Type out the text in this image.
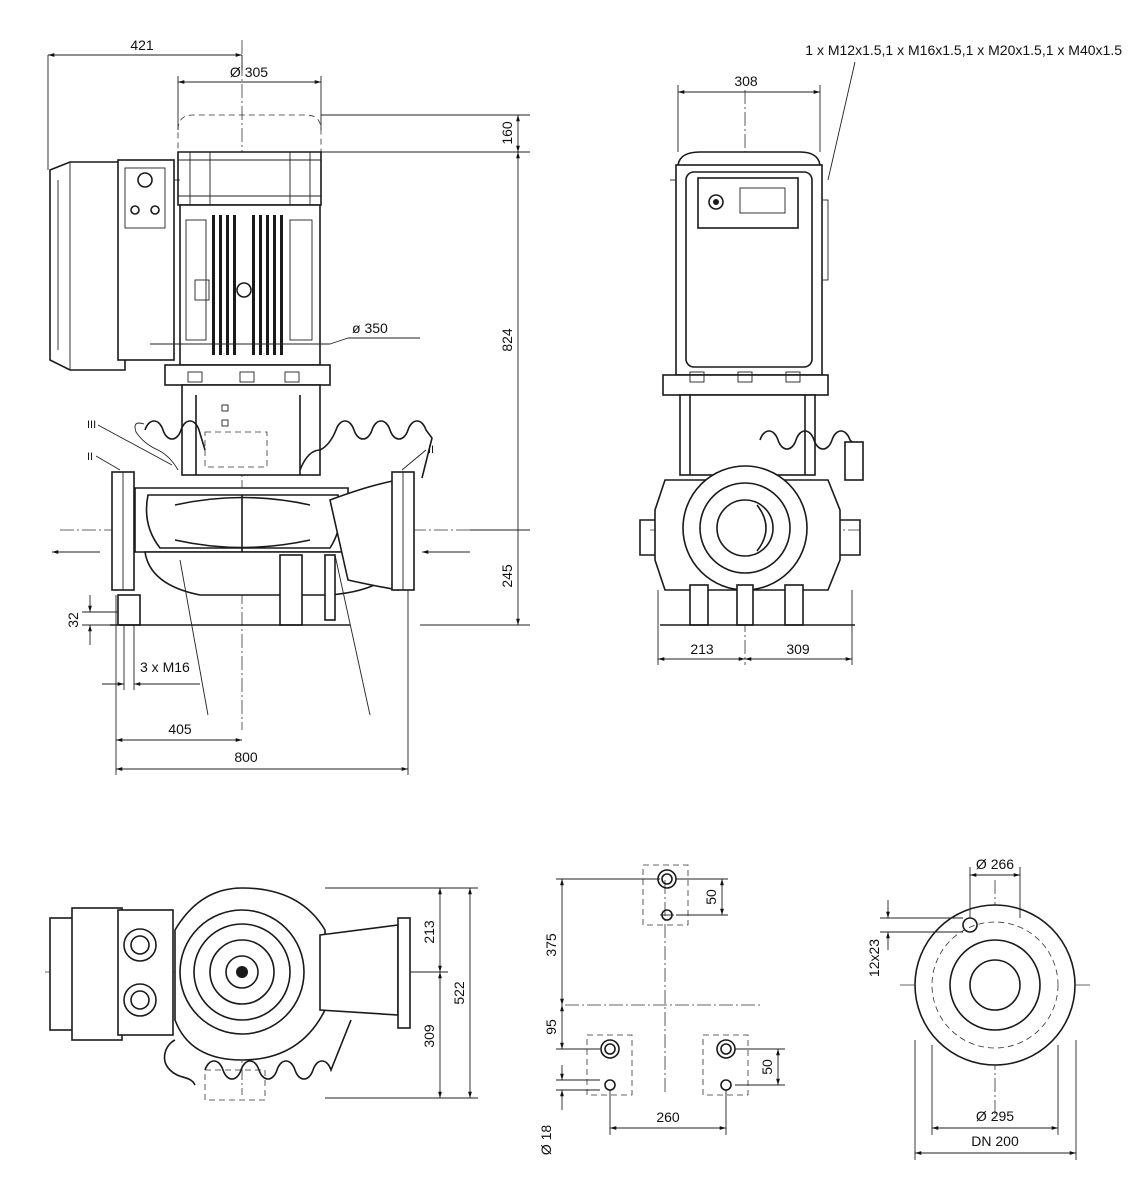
421
Ø 305
160
824
245
ø 350
32
3 x M16
405
800
II
III
II
308
1 x M12x1.5,1 x M16x1.5,1 x M20x1.5,1 x M40x1.5
213	309
213
309
522
375
50
95
50
Ø 18
260
Ø 266
12x23
Ø 295
DN 200
